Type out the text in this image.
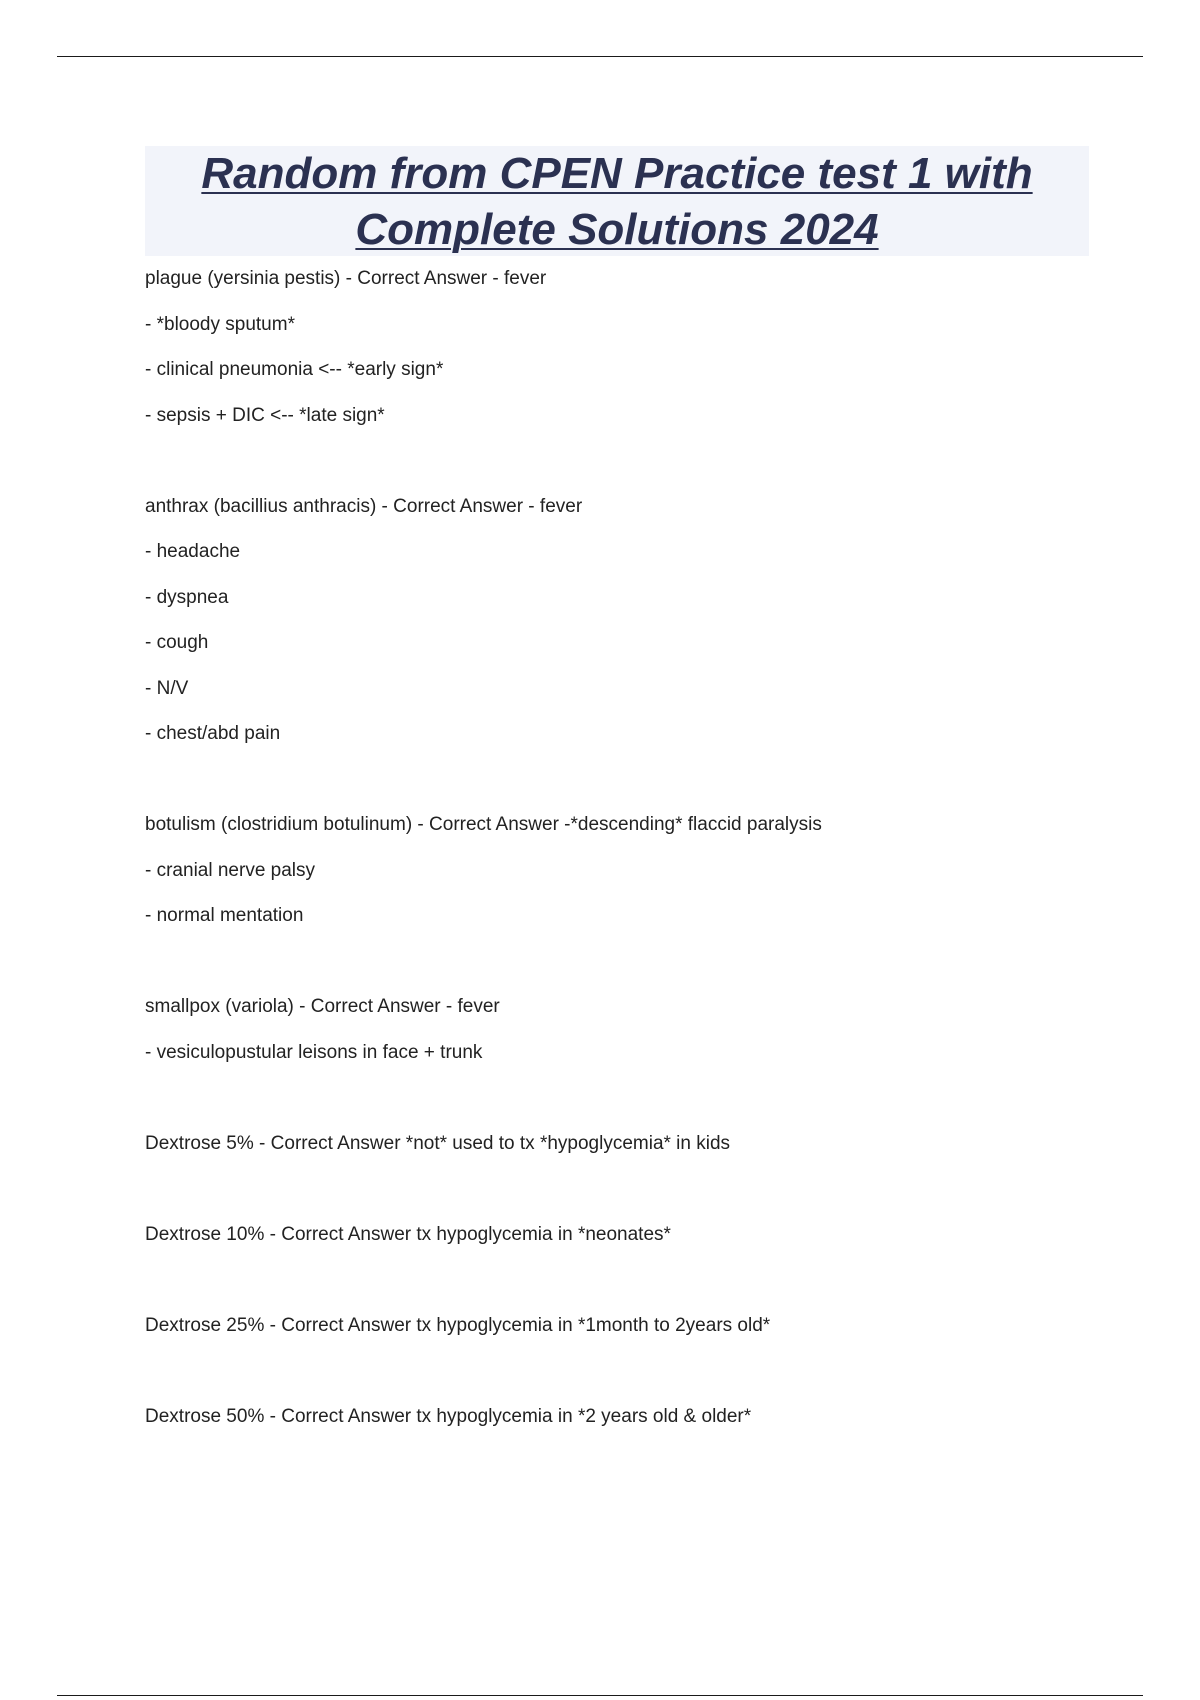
Random from CPEN Practice test 1 with
Complete Solutions 2024
plague (yersinia pestis) - Correct Answer - fever
- *bloody sputum*
- clinical pneumonia <-- *early sign*
- sepsis + DIC <-- *late sign*
anthrax (bacillius anthracis) - Correct Answer - fever
- headache
- dyspnea
- cough
- N/V
- chest/abd pain
botulism (clostridium botulinum) - Correct Answer -*descending* flaccid paralysis
- cranial nerve palsy
- normal mentation
smallpox (variola) - Correct Answer - fever
- vesiculopustular leisons in face + trunk
Dextrose 5% - Correct Answer *not* used to tx *hypoglycemia* in kids
Dextrose 10% - Correct Answer tx hypoglycemia in *neonates*
Dextrose 25% - Correct Answer tx hypoglycemia in *1month to 2years old*
Dextrose 50% - Correct Answer tx hypoglycemia in *2 years old & older*
